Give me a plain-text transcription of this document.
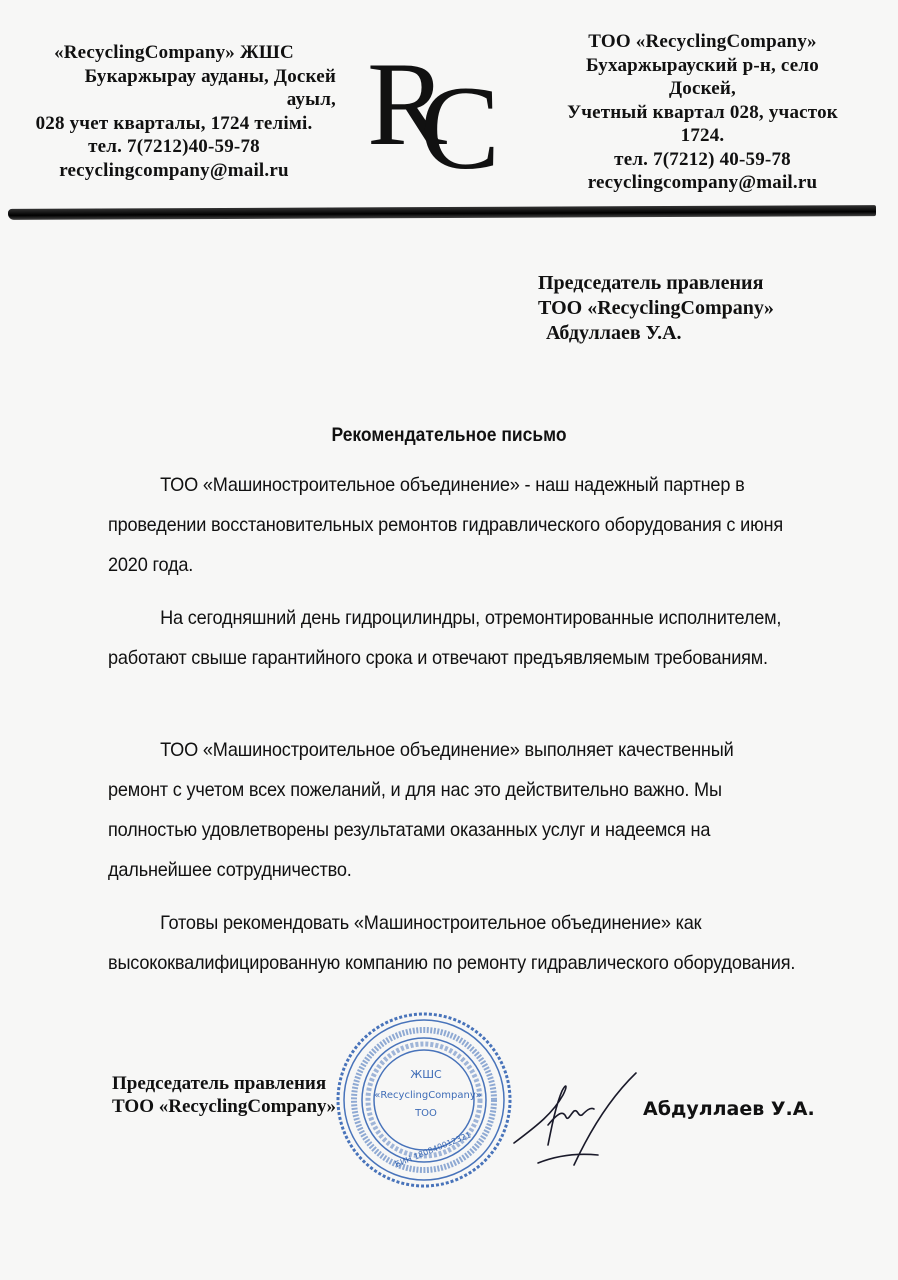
«RecyclingCompany» ЖШС
Букаржырау ауданы, Доскей
ауыл,
028 учет кварталы, 1724 телімі.
тел. 7(7212)40-59-78
recyclingcompany@mail.ru R
C
ТОО «RecyclingCompany»
Бухаржырауский р-н, село
Доскей,
Учетный квартал 028, участок
1724.
тел. 7(7212) 40-59-78
recyclingcompany@mail.ru
Председатель правления
ТОО «RecyclingCompany»
Абдуллаев У.А.
Рекомендательное письмо

ТОО «Машиностроительное объединение» - наш надежный партнер в проведении восстановительных ремонтов гидравлического оборудования с июня 2020 года.

На сегодняшний день гидроцилиндры, отремонтированные исполнителем, работают свыше гарантийного срока и отвечают предъявляемым требованиям.

ТОО «Машиностроительное объединение» выполняет качественный ремонт с учетом всех пожеланий, и для нас это действительно важно. Мы полностью удовлетворены результатами оказанных услуг и надеемся на дальнейшее сотрудничество.

Готовы рекомендовать «Машиностроительное объединение» как высококвалифицированную компанию по ремонту гидравлического оборудования.

Председатель правления
ТОО «RecyclingCompany»
ЖШС
«RecyclingCompany»
ТОО
БИН 180840012321
Абдуллаев У.А.
